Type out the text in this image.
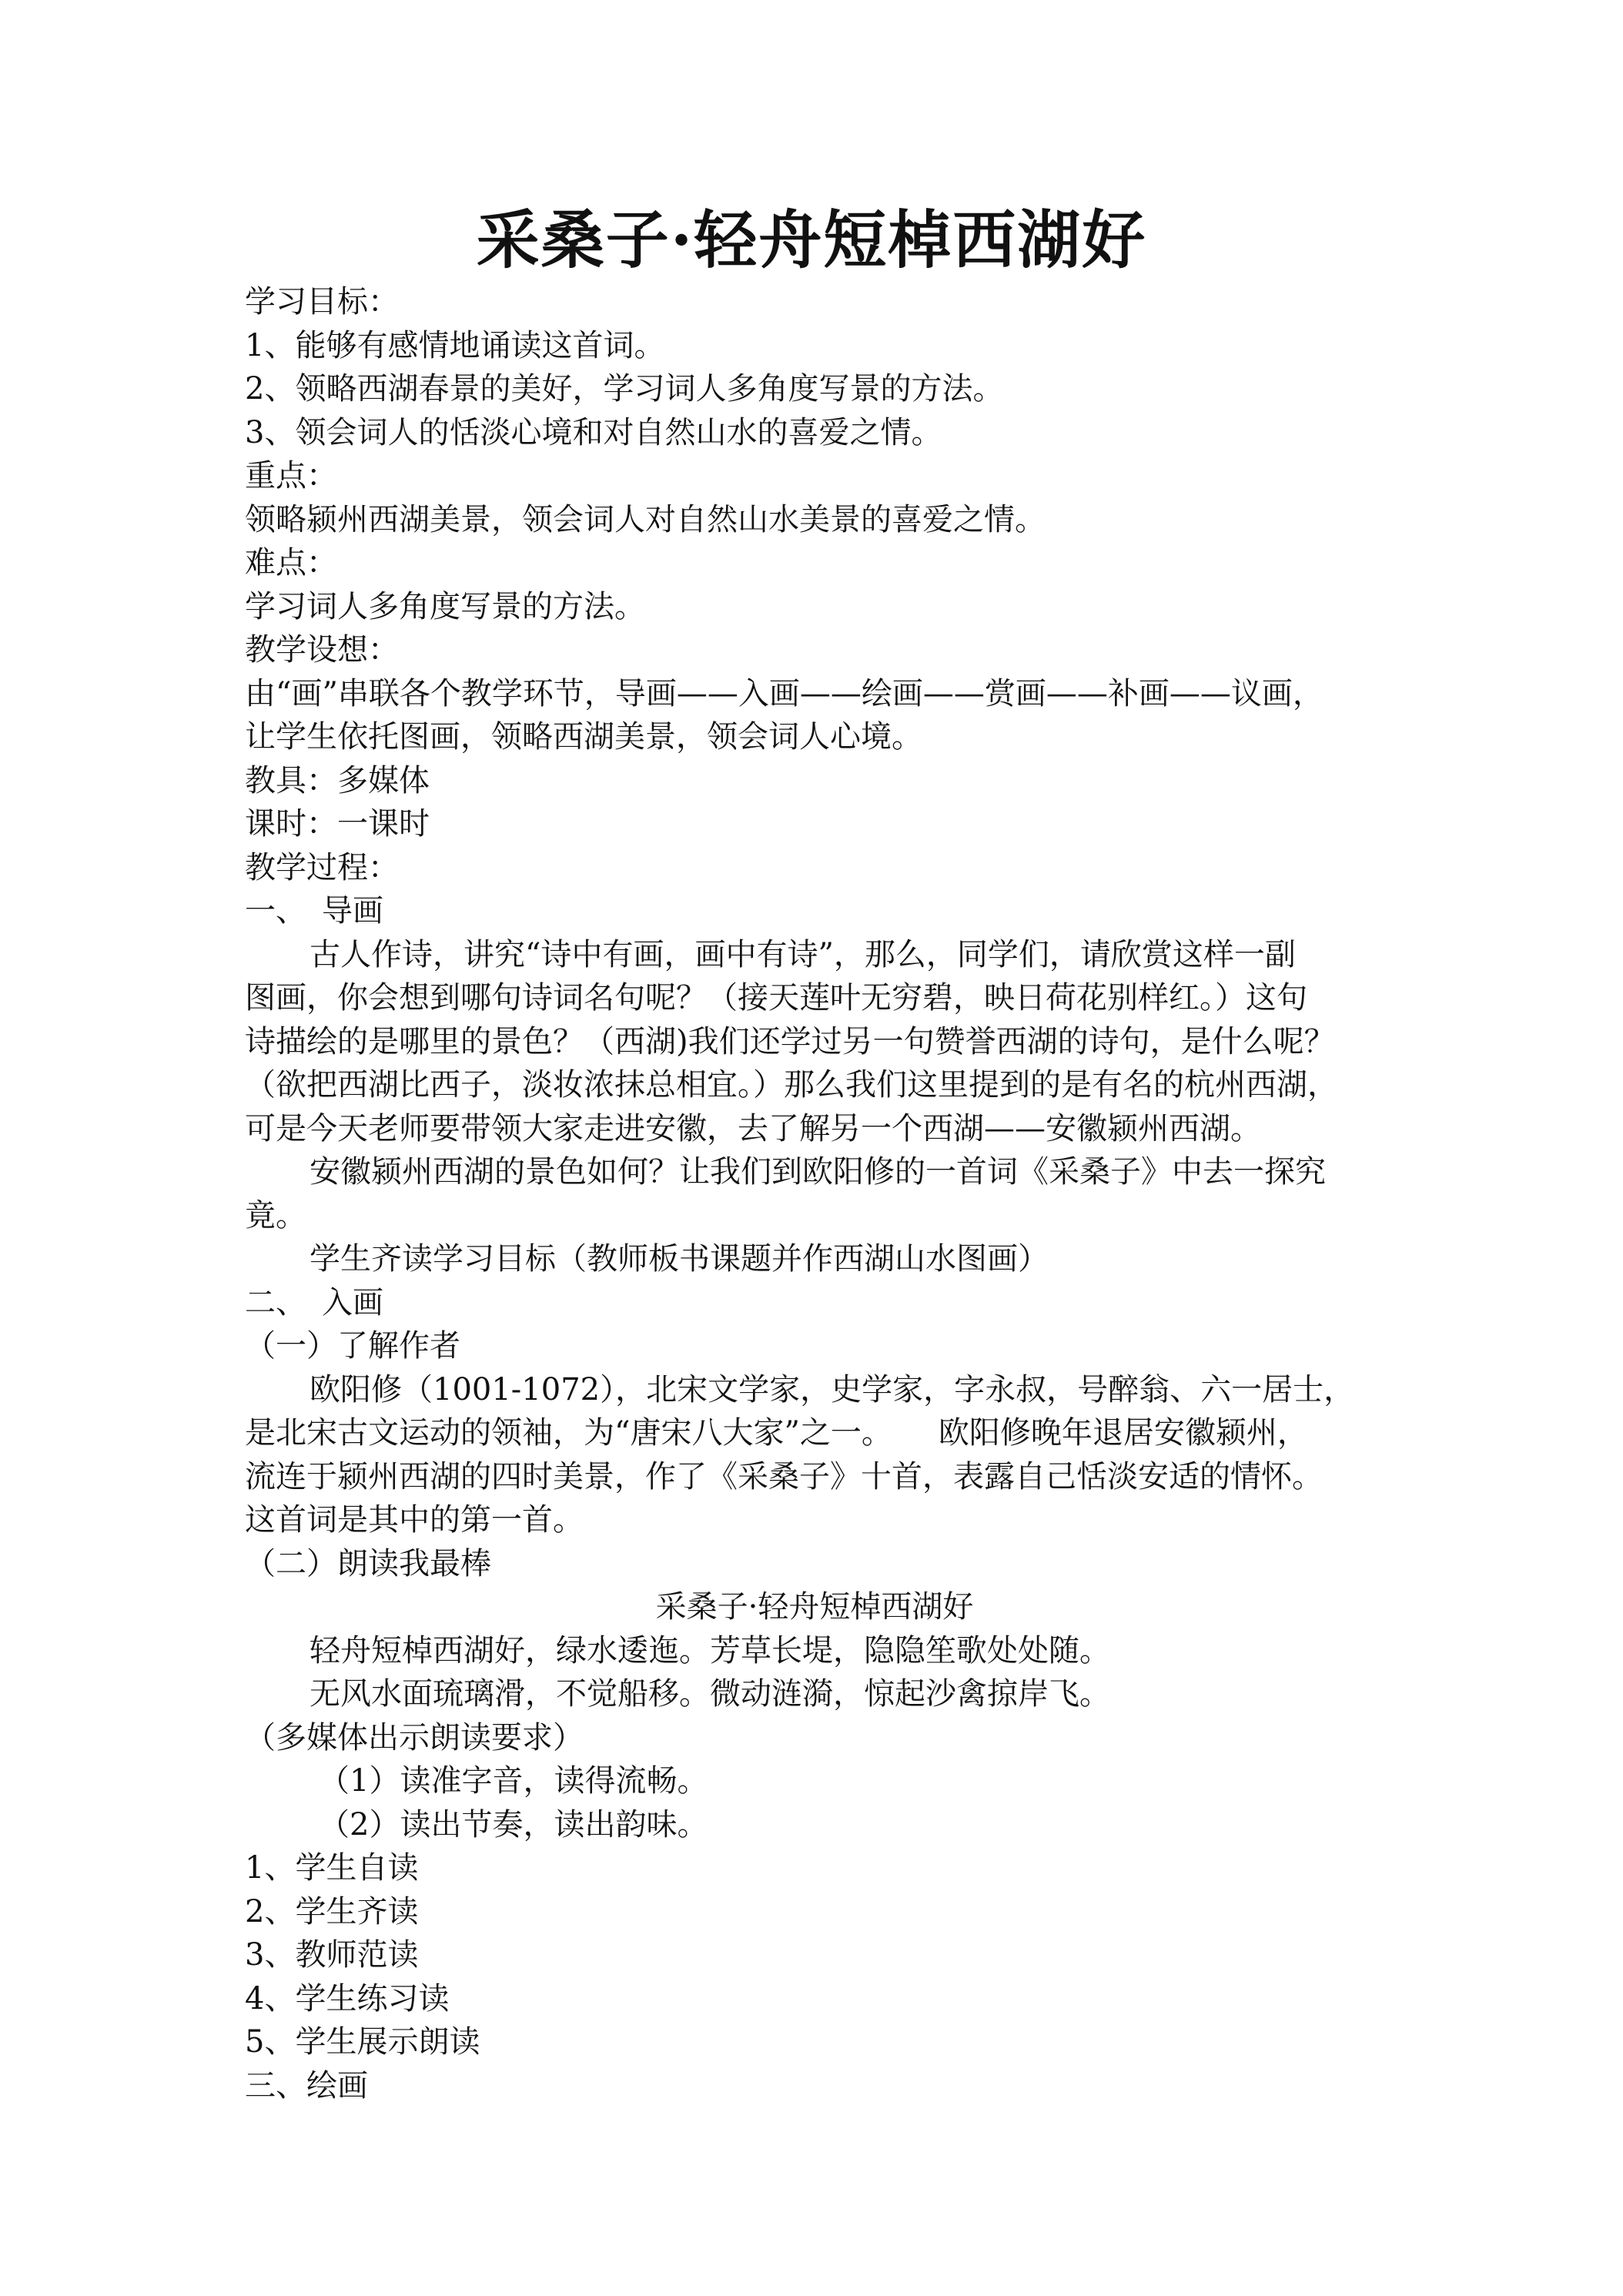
采桑子·轻舟短棹西湖好
学习目标：
1、能够有感情地诵读这首词。
2、领略西湖春景的美好，学习词人多角度写景的方法。
3、领会词人的恬淡心境和对自然山水的喜爱之情。
重点：
领略颍州西湖美景，领会词人对自然山水美景的喜爱之情。
难点：
学习词人多角度写景的方法。
教学设想：
由“画”串联各个教学环节，导画——入画——绘画——赏画——补画——议画，
让学生依托图画，领略西湖美景，领会词人心境。
教具：多媒体
课时：一课时
教学过程：
一、　导画
古人作诗，讲究“诗中有画，画中有诗”，那么，同学们，请欣赏这样一副
图画，你会想到哪句诗词名句呢？（接天莲叶无穷碧，映日荷花别样红。）这句
诗描绘的是哪里的景色？（西湖)我们还学过另一句赞誉西湖的诗句，是什么呢？
（欲把西湖比西子，淡妆浓抹总相宜。）那么我们这里提到的是有名的杭州西湖，
可是今天老师要带领大家走进安徽，去了解另一个西湖——安徽颍州西湖。
安徽颍州西湖的景色如何？让我们到欧阳修的一首词《采桑子》中去一探究
竟。
学生齐读学习目标（教师板书课题并作西湖山水图画）
二、　入画
（一）了解作者
欧阳修（1001-1072），北宋文学家，史学家，字永叔，号醉翁、六一居士，
是北宋古文运动的领袖，为“唐宋八大家”之一。　　欧阳修晚年退居安徽颍州，
流连于颍州西湖的四时美景，作了《采桑子》十首，表露自己恬淡安适的情怀。
这首词是其中的第一首。
（二）朗读我最棒
采桑子·轻舟短棹西湖好
轻舟短棹西湖好，绿水逶迤。芳草长堤，隐隐笙歌处处随。
无风水面琉璃滑，不觉船移。微动涟漪，惊起沙禽掠岸飞。
（多媒体出示朗读要求）
（1）读准字音，读得流畅。
（2）读出节奏，读出韵味。
1、学生自读
2、学生齐读
3、教师范读
4、学生练习读
5、学生展示朗读
三、绘画
